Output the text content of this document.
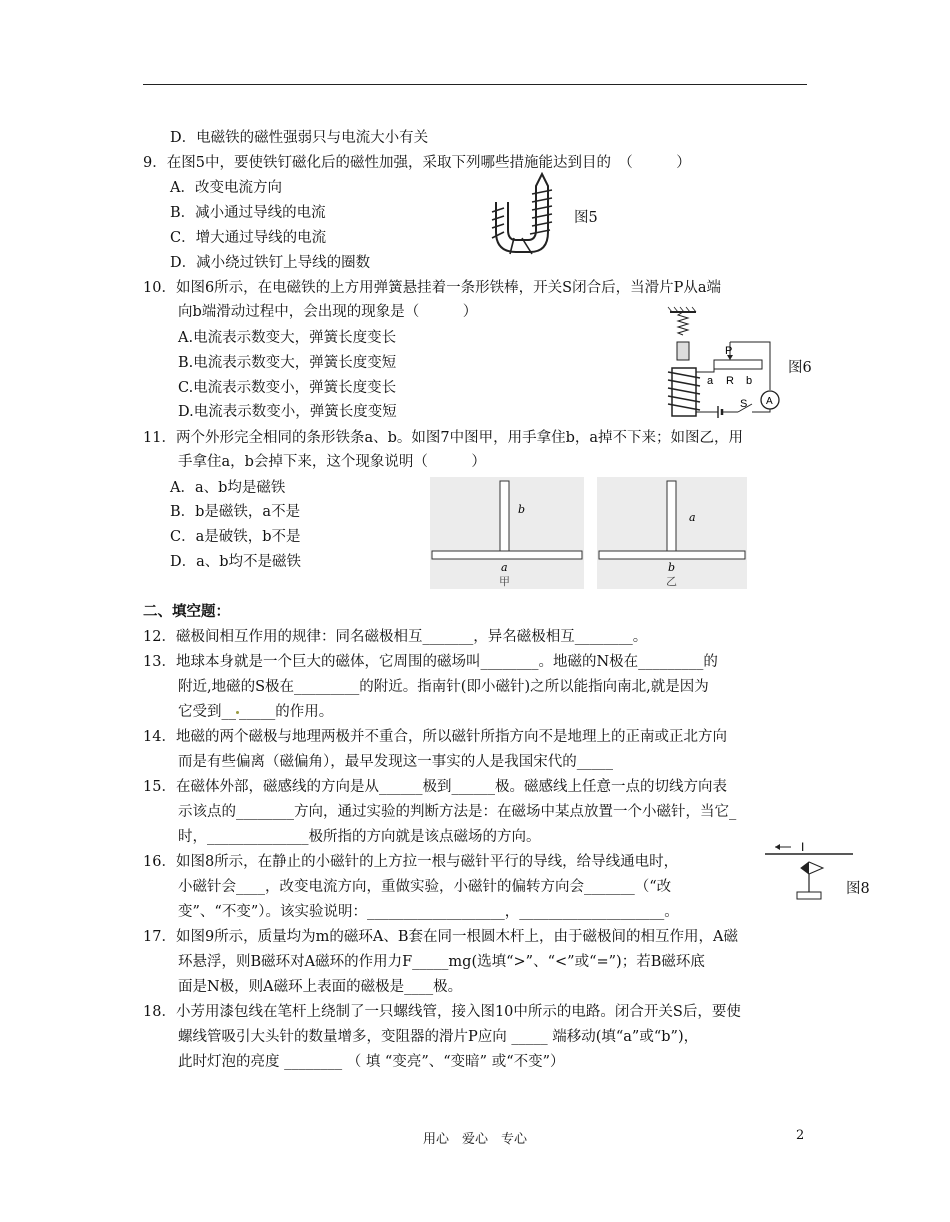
D．电磁铁的磁性强弱只与电流大小有关
9．在图5中，要使铁钉磁化后的磁性加强，采取下列哪些措施能达到目的　（　　　）
A．改变电流方向
B．减小通过导线的电流
C．增大通过导线的电流
D．减小绕过铁钉上导线的圈数
10．如图6所示，在电磁铁的上方用弹簧悬挂着一条形铁棒，开关S闭合后，当滑片P从a端
向b端滑动过程中，会出现的现象是（　　　）
A.电流表示数变大，弹簧长度变长
B.电流表示数变大，弹簧长度变短
C.电流表示数变小，弹簧长度变长
D.电流表示数变小，弹簧长度变短
11．两个外形完全相同的条形铁条a、b。如图7中图甲，用手拿住b，a掉不下来；如图乙，用
手拿住a，b会掉下来，这个现象说明（　　　）
A．a、b均是磁铁
B．b是磁铁，a不是
C．a是破铁，b不是
D．a、b均不是磁铁
二、填空题：
12．磁极间相互作用的规律：同名磁极相互_______，异名磁极相互________。
13．地球本身就是一个巨大的磁体，它周围的磁场叫________。地磁的N极在_________的
附近,地磁的S极在_________的附近。指南针(即小磁针)之所以能指向南北,就是因为
它受到__ _____的作用。
14．地磁的两个磁极与地理两极并不重合，所以磁针所指方向不是地理上的正南或正北方向
而是有些偏离（磁偏角），最早发现这一事实的人是我国宋代的_____
15．在磁体外部，磁感线的方向是从______极到______极。磁感线上任意一点的切线方向表
示该点的________方向，通过实验的判断方法是：在磁场中某点放置一个小磁针，当它_
时，______________极所指的方向就是该点磁场的方向。
16．如图8所示，在静止的小磁针的上方拉一根与磁针平行的导线，给导线通电时，
小磁针会____，改变电流方向，重做实验，小磁针的偏转方向会_______（“改
变”、“不变”）。该实验说明：___________________，____________________。
17．如图9所示，质量均为m的磁环A、B套在同一根圆木杆上，由于磁极间的相互作用，A磁
环悬浮，则B磁环对A磁环的作用力F_____mg(选填“>”、“<”或“=”)；若B磁环底
面是N极，则A磁环上表面的磁极是____极。
18．小芳用漆包线在笔杆上绕制了一只螺线管，接入图10中所示的电路。闭合开关S后，要使
螺线管吸引大头针的数量增多，变阻器的滑片P应向 _____ 端移动(填“a”或“b”)，
此时灯泡的亮度 ________ （ 填 “变亮”、“变暗” 或“不变”）
图5
P
a R b
S A
图6
b
a
甲
a
b
乙
I
图8
用心　爱心　专心	2
